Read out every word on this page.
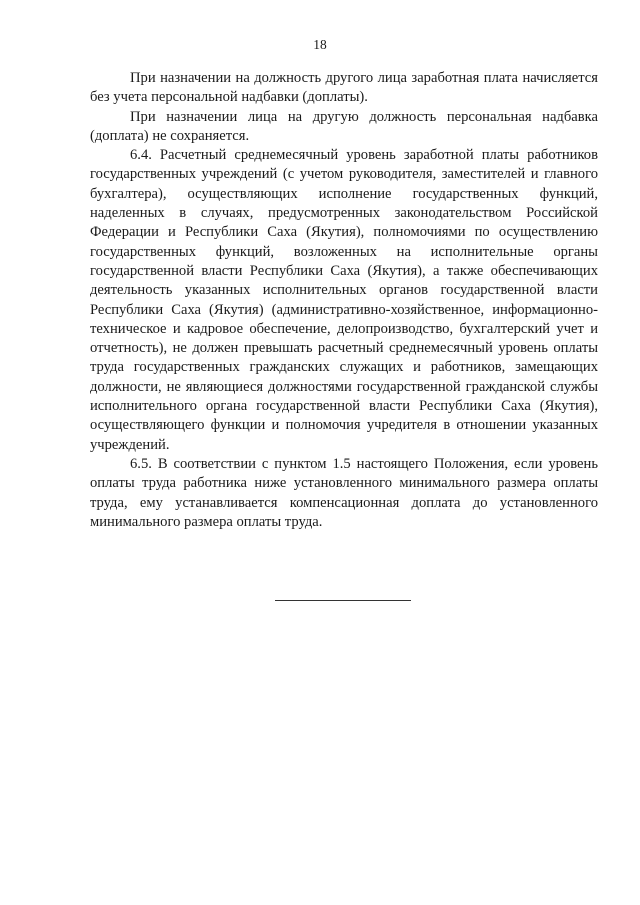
18

При назначении на должность другого лица заработная плата начисляется без учета персональной надбавки (доплаты).

При назначении лица на другую должность персональная надбавка (доплата) не сохраняется.

6.4. Расчетный среднемесячный уровень заработной платы работников государственных учреждений (с учетом руководителя, заместителей и главного бухгалтера), осуществляющих исполнение государственных функций, наделенных в случаях, предусмотренных законодательством Российской Федерации и Республики Саха (Якутия), полномочиями по осуществлению государственных функций, возложенных на исполнительные органы государственной власти Республики Саха (Якутия), а также обеспечивающих деятельность указанных исполнительных органов государственной власти Республики Саха (Якутия) (административно-хозяйственное, информационно-техническое и кадровое обеспечение, делопроизводство, бухгалтерский учет и отчетность), не должен превышать расчетный среднемесячный уровень оплаты труда государственных гражданских служащих и работников, замещающих должности, не являющиеся должностями государственной гражданской службы исполнительного органа государственной власти Республики Саха (Якутия), осуществляющего функции и полномочия учредителя в отношении указанных учреждений.

6.5. В соответствии с пунктом 1.5 настоящего Положения, если уровень оплаты труда работника ниже установленного минимального размера оплаты труда, ему устанавливается компенсационная доплата до установленного минимального размера оплаты труда.
